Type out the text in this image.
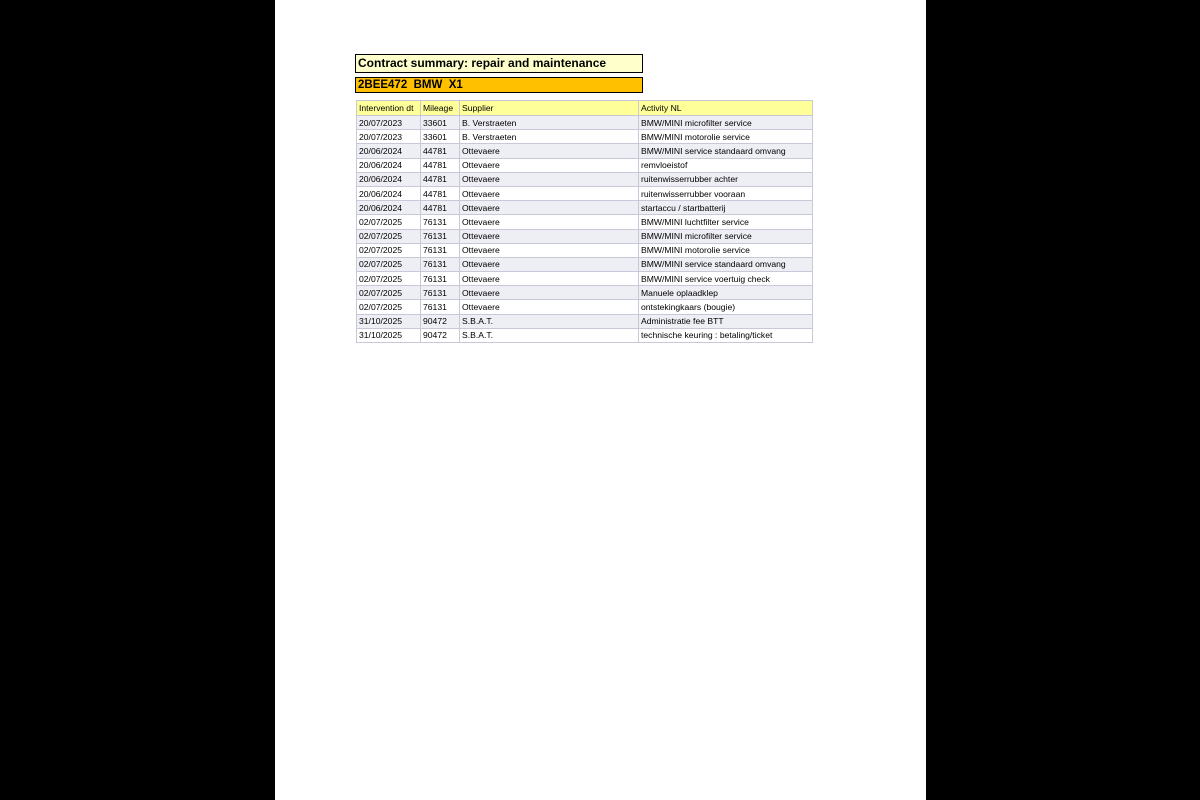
Contract summary: repair and maintenance
2BEE472  BMW  X1
Intervention dt	Mileage	Supplier	Activity NL
20/07/2023	33601	B. Verstraeten	BMW/MINI microfilter service
20/07/2023	33601	B. Verstraeten	BMW/MINI motorolie service
20/06/2024	44781	Ottevaere	BMW/MINI service standaard omvang
20/06/2024	44781	Ottevaere	remvloeistof
20/06/2024	44781	Ottevaere	ruitenwisserrubber achter
20/06/2024	44781	Ottevaere	ruitenwisserrubber vooraan
20/06/2024	44781	Ottevaere	startaccu / startbatterij
02/07/2025	76131	Ottevaere	BMW/MINI luchtfilter service
02/07/2025	76131	Ottevaere	BMW/MINI microfilter service
02/07/2025	76131	Ottevaere	BMW/MINI motorolie service
02/07/2025	76131	Ottevaere	BMW/MINI service standaard omvang
02/07/2025	76131	Ottevaere	BMW/MINI service voertuig check
02/07/2025	76131	Ottevaere	Manuele oplaadklep
02/07/2025	76131	Ottevaere	ontstekingkaars (bougie)
31/10/2025	90472	S.B.A.T.	Administratie fee BTT
31/10/2025	90472	S.B.A.T.	technische keuring : betaling/ticket
